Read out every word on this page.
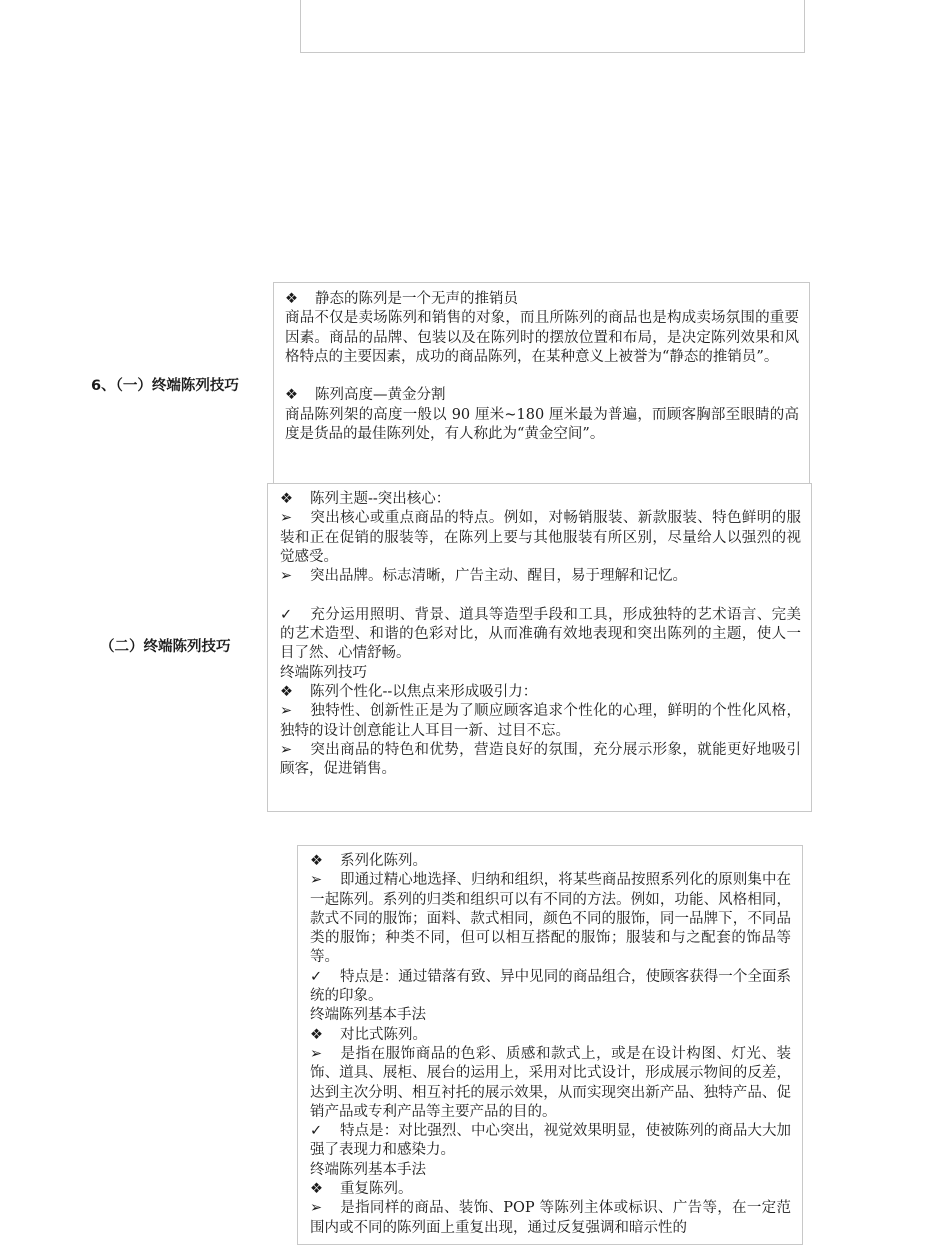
6、（一）终端陈列技巧
（二）终端陈列技巧
❖ 静态的陈列是一个无声的推销员
商品不仅是卖场陈列和销售的对象，而且所陈列的商品也是构成卖场氛围的重要因素。商品的品牌、包装以及在陈列时的摆放位置和布局，是决定陈列效果和风格特点的主要因素，成功的商品陈列，在某种意义上被誉为“静态的推销员”。
❖ 陈列高度—黄金分割
商品陈列架的高度一般以 90 厘米~180 厘米最为普遍，而顾客胸部至眼睛的高度是货品的最佳陈列处，有人称此为“黄金空间”。
❖ 陈列主题--突出核心：
➢ 突出核心或重点商品的特点。例如，对畅销服装、新款服装、特色鲜明的服装和正在促销的服装等，在陈列上要与其他服装有所区别，尽量给人以强烈的视觉感受。
➢ 突出品牌。标志清晰，广告主动、醒目，易于理解和记忆。
✓ 充分运用照明、背景、道具等造型手段和工具，形成独特的艺术语言、完美的艺术造型、和谐的色彩对比，从而准确有效地表现和突出陈列的主题，使人一目了然、心情舒畅。
终端陈列技巧
❖ 陈列个性化--以焦点来形成吸引力：
➢ 独特性、创新性正是为了顺应顾客追求个性化的心理，鲜明的个性化风格，独特的设计创意能让人耳目一新、过目不忘。
➢ 突出商品的特色和优势，营造良好的氛围，充分展示形象，就能更好地吸引顾客，促进销售。
❖ 系列化陈列。
➢ 即通过精心地选择、归纳和组织，将某些商品按照系列化的原则集中在一起陈列。系列的归类和组织可以有不同的方法。例如，功能、风格相同，款式不同的服饰；面料、款式相同，颜色不同的服饰，同一品牌下，不同品类的服饰；种类不同，但可以相互搭配的服饰；服装和与之配套的饰品等等。
✓ 特点是：通过错落有致、异中见同的商品组合，使顾客获得一个全面系统的印象。
终端陈列基本手法
❖ 对比式陈列。
➢ 是指在服饰商品的色彩、质感和款式上，或是在设计构图、灯光、装饰、道具、展柜、展台的运用上，采用对比式设计，形成展示物间的反差，达到主次分明、相互衬托的展示效果，从而实现突出新产品、独特产品、促销产品或专利产品等主要产品的目的。
✓ 特点是：对比强烈、中心突出，视觉效果明显，使被陈列的商品大大加强了表现力和感染力。
终端陈列基本手法
❖ 重复陈列。
➢ 是指同样的商品、装饰、POP 等陈列主体或标识、广告等，在一定范围内或不同的陈列面上重复出现，通过反复强调和暗示性的
